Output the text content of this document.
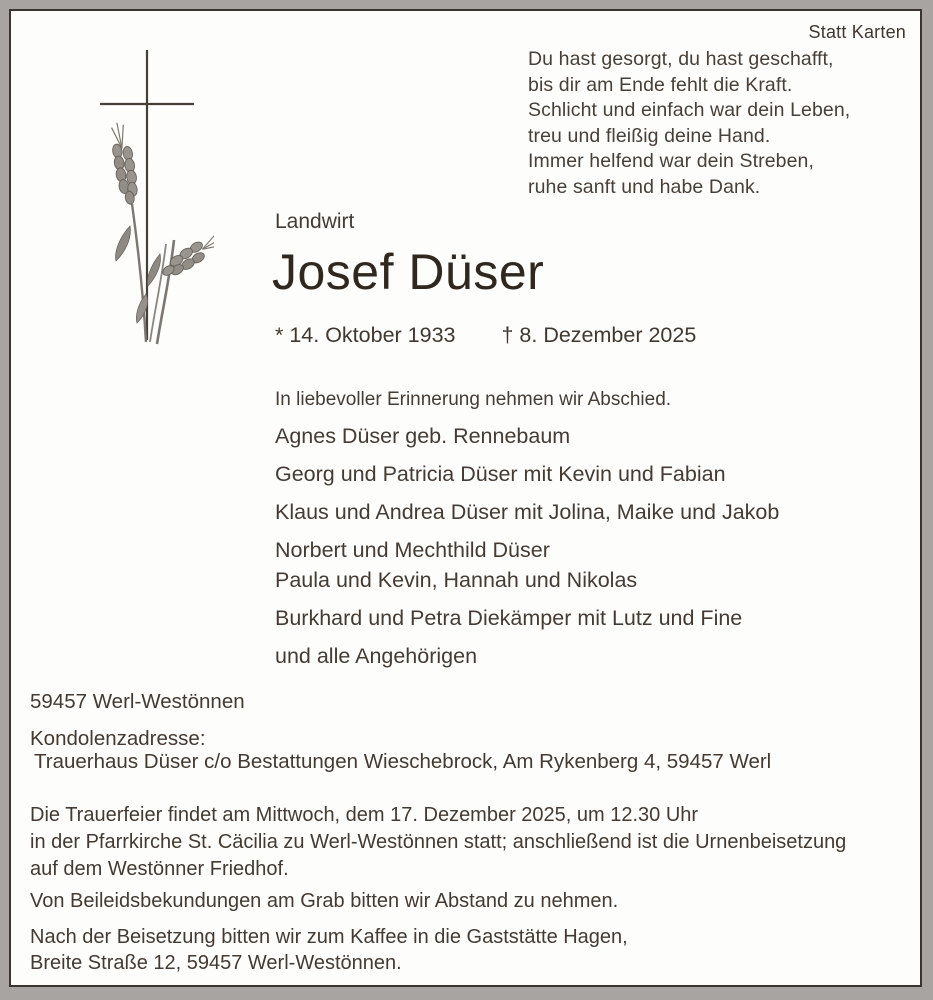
Statt Karten
Du hast gesorgt, du hast geschafft,
bis dir am Ende fehlt die Kraft.
Schlicht und einfach war dein Leben,
treu und fleißig deine Hand.
Immer helfend war dein Streben,
ruhe sanft und habe Dank.
Landwirt
Josef Düser
* 14. Oktober 1933 † 8. Dezember 2025
In liebevoller Erinnerung nehmen wir Abschied.
Agnes Düser geb. Rennebaum
Georg und Patricia Düser mit Kevin und Fabian
Klaus und Andrea Düser mit Jolina, Maike und Jakob
Norbert und Mechthild Düser
Paula und Kevin, Hannah und Nikolas
Burkhard und Petra Diekämper mit Lutz und Fine
und alle Angehörigen
59457 Werl-Westönnen
Kondolenzadresse:
Trauerhaus Düser c/o Bestattungen Wieschebrock, Am Rykenberg 4, 59457 Werl
Die Trauerfeier findet am Mittwoch, dem 17. Dezember 2025, um 12.30 Uhr
in der Pfarrkirche St. Cäcilia zu Werl-Westönnen statt; anschließend ist die Urnenbeisetzung
auf dem Westönner Friedhof.
Von Beileidsbekundungen am Grab bitten wir Abstand zu nehmen.
Nach der Beisetzung bitten wir zum Kaffee in die Gaststätte Hagen,
Breite Straße 12, 59457 Werl-Westönnen.
